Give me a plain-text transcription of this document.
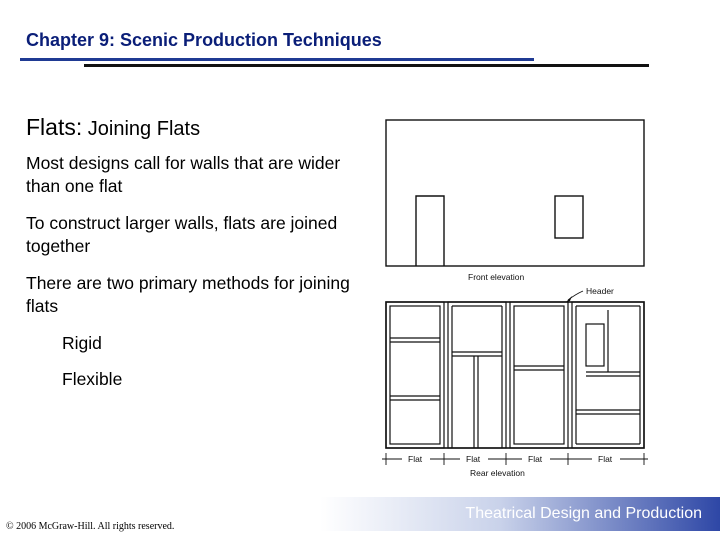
Chapter 9: Scenic Production Techniques
Flats: Joining Flats
Most designs call for walls that are wider than one flat
To construct larger walls, flats are joined together
There are two primary methods for joining flats
Rigid
Flexible
Front elevation
Header
Flat	Flat	Flat	Flat
Rear elevation
Theatrical Design and Production
© 2006 McGraw-Hill. All rights reserved.
